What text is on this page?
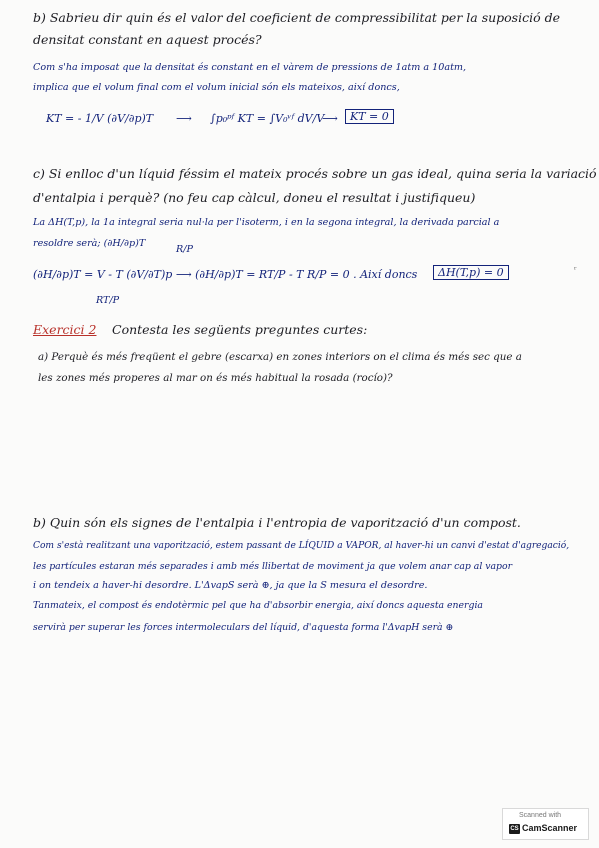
b) Sabrieu dir quin és el valor del coeficient de compressibilitat per la suposició de
densitat constant en aquest procés?
Com s'ha imposat que la densitat és constant en el vàrem de pressions de 1atm a 10atm,
implica que el volum final com el volum inicial són els mateixos, així doncs,
KT = - 1/V (∂V/∂p)T ⟶ ∫p₀ᵖᶠ KT = ∫V₀ᵛᶠ dV/V
⟶	KT = 0
c) Si enlloc d'un líquid féssim el mateix procés sobre un gas ideal, quina seria la variació
d'entalpia i perquè? (no feu cap càlcul, doneu el resultat i justifiqueu)
La ΔH(T,p), la 1a integral seria nul·la per l'isoterm, i en la segona integral, la derivada parcial a
resoldre serà; (∂H/∂p)T
R/P
(∂H/∂p)T = V - T (∂V/∂T)p ⟶ (∂H/∂p)T = RT/P - T R/P = 0 . Així doncs	ΔH(T,p) = 0
RT/P
Exercici 2 Contesta les següents preguntes curtes:
a) Perquè és més freqüent el gebre (escarxa) en zones interiors on el clima és més sec que a
les zones més properes al mar on és més habitual la rosada (rocío)?
b) Quin són els signes de l'entalpia i l'entropia de vaporització d'un compost.
Com s'està realitzant una vaporització, estem passant de LÍQUID a VAPOR, al haver-hi un canvi d'estat d'agregació,
les partícules estaran més separades i amb més llibertat de moviment ja que volem anar cap al vapor
i on tendeix a haver-hi desordre. L'ΔvapS serà ⊕, ja que la S mesura el desordre.
Tanmateix, el compost és endotèrmic pel que ha d'absorbir energia, així doncs aquesta energia
servirà per superar les forces intermoleculars del líquid, d'aquesta forma l'ΔvapH serà ⊕
ʳ
Scanned with
CS CamScanner
